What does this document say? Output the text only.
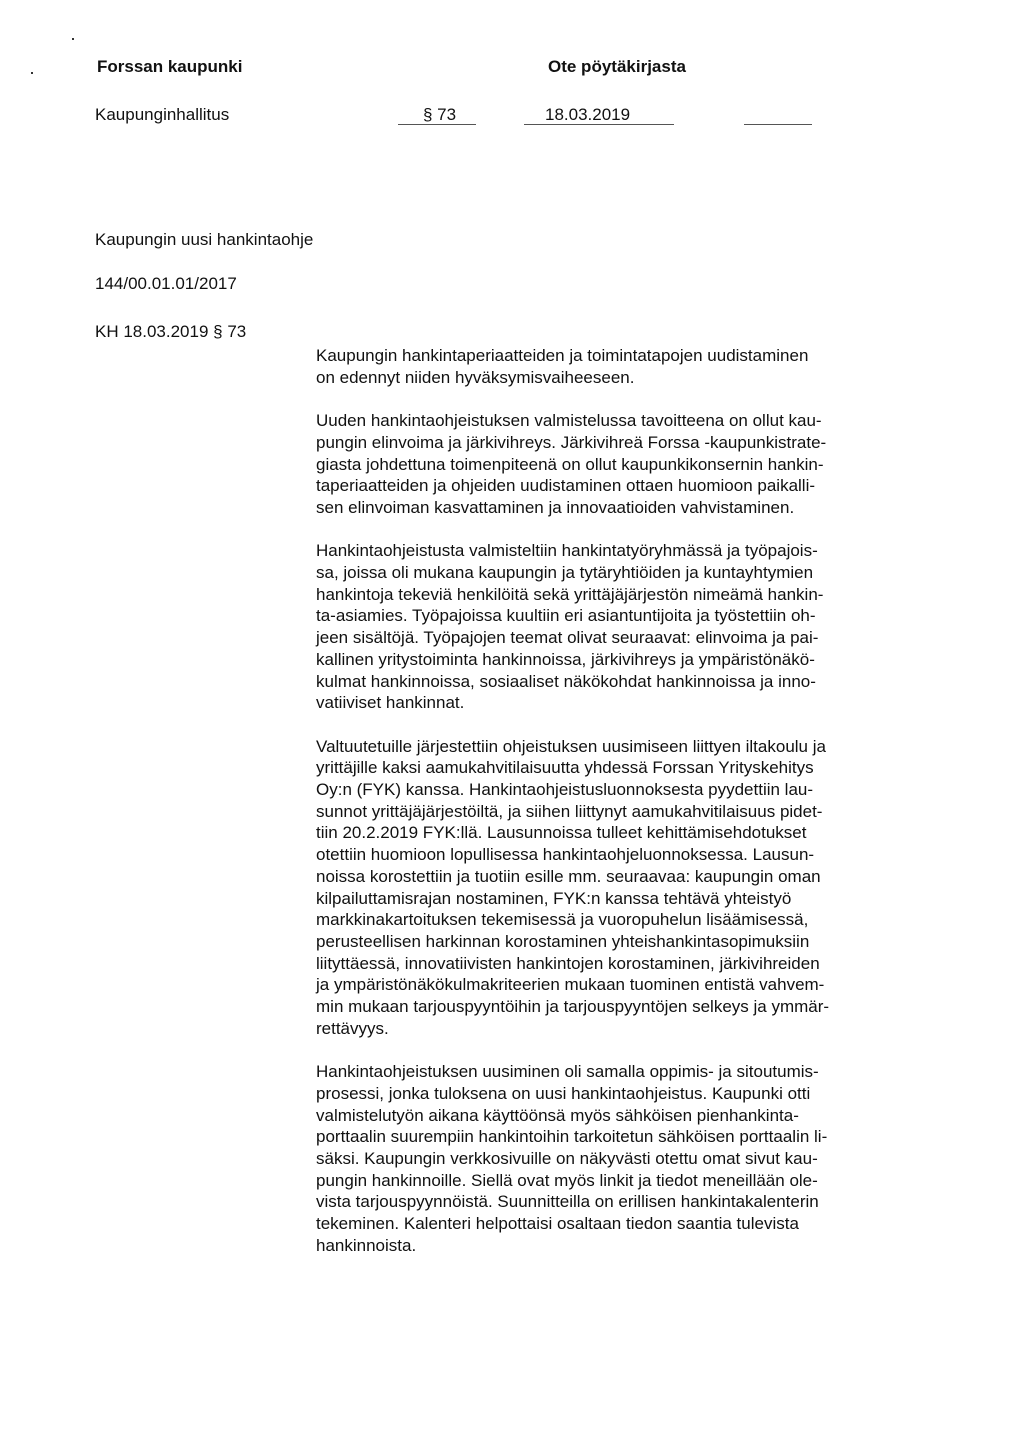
Forssan kaupunki	Ote pöytäkirjasta
Kaupunginhallitus	§ 73	18.03.2019
Kaupungin uusi hankintaohje
144/00.01.01/2017
KH 18.03.2019 § 73

Kaupungin hankintaperiaatteiden ja toimintatapojen uudistaminen
on edennyt niiden hyväksymisvaiheeseen.

Uuden hankintaohjeistuksen valmistelussa tavoitteena on ollut kau-
pungin elinvoima ja järkivihreys. Järkivihreä Forssa -kaupunkistrate-
giasta johdettuna toimenpiteenä on ollut kaupunkikonsernin hankin-
taperiaatteiden ja ohjeiden uudistaminen ottaen huomioon paikalli-
sen elinvoiman kasvattaminen ja innovaatioiden vahvistaminen.

Hankintaohjeistusta valmisteltiin hankintatyöryhmässä ja työpajois-
sa, joissa oli mukana kaupungin ja tytäryhtiöiden ja kuntayhtymien
hankintoja tekeviä henkilöitä sekä yrittäjäjärjestön nimeämä hankin-
ta-asiamies. Työpajoissa kuultiin eri asiantuntijoita ja työstettiin oh-
jeen sisältöjä. Työpajojen teemat olivat seuraavat: elinvoima ja pai-
kallinen yritystoiminta hankinnoissa, järkivihreys ja ympäristönäkö-
kulmat hankinnoissa, sosiaaliset näkökohdat hankinnoissa ja inno-
vatiiviset hankinnat.

Valtuutetuille järjestettiin ohjeistuksen uusimiseen liittyen iltakoulu ja
yrittäjille kaksi aamukahvitilaisuutta yhdessä Forssan Yrityskehitys
Oy:n (FYK) kanssa. Hankintaohjeistusluonnoksesta pyydettiin lau-
sunnot yrittäjäjärjestöiltä, ja siihen liittynyt aamukahvitilaisuus pidet-
tiin 20.2.2019 FYK:llä. Lausunnoissa tulleet kehittämisehdotukset
otettiin huomioon lopullisessa hankintaohjeluonnoksessa. Lausun-
noissa korostettiin ja tuotiin esille mm. seuraavaa: kaupungin oman
kilpailuttamisrajan nostaminen, FYK:n kanssa tehtävä yhteistyö
markkinakartoituksen tekemisessä ja vuoropuhelun lisäämisessä,
perusteellisen harkinnan korostaminen yhteishankintasopimuksiin
liityttäessä, innovatiivisten hankintojen korostaminen, järkivihreiden
ja ympäristönäkökulmakriteerien mukaan tuominen entistä vahvem-
min mukaan tarjouspyyntöihin ja tarjouspyyntöjen selkeys ja ymmär-
rettävyys.

Hankintaohjeistuksen uusiminen oli samalla oppimis- ja sitoutumis-
prosessi, jonka tuloksena on uusi hankintaohjeistus. Kaupunki otti
valmistelutyön aikana käyttöönsä myös sähköisen pienhankinta-
porttaalin suurempiin hankintoihin tarkoitetun sähköisen porttaalin li-
säksi. Kaupungin verkkosivuille on näkyvästi otettu omat sivut kau-
pungin hankinnoille. Siellä ovat myös linkit ja tiedot meneillään ole-
vista tarjouspyynnöistä. Suunnitteilla on erillisen hankintakalenterin
tekeminen. Kalenteri helpottaisi osaltaan tiedon saantia tulevista
hankinnoista.
